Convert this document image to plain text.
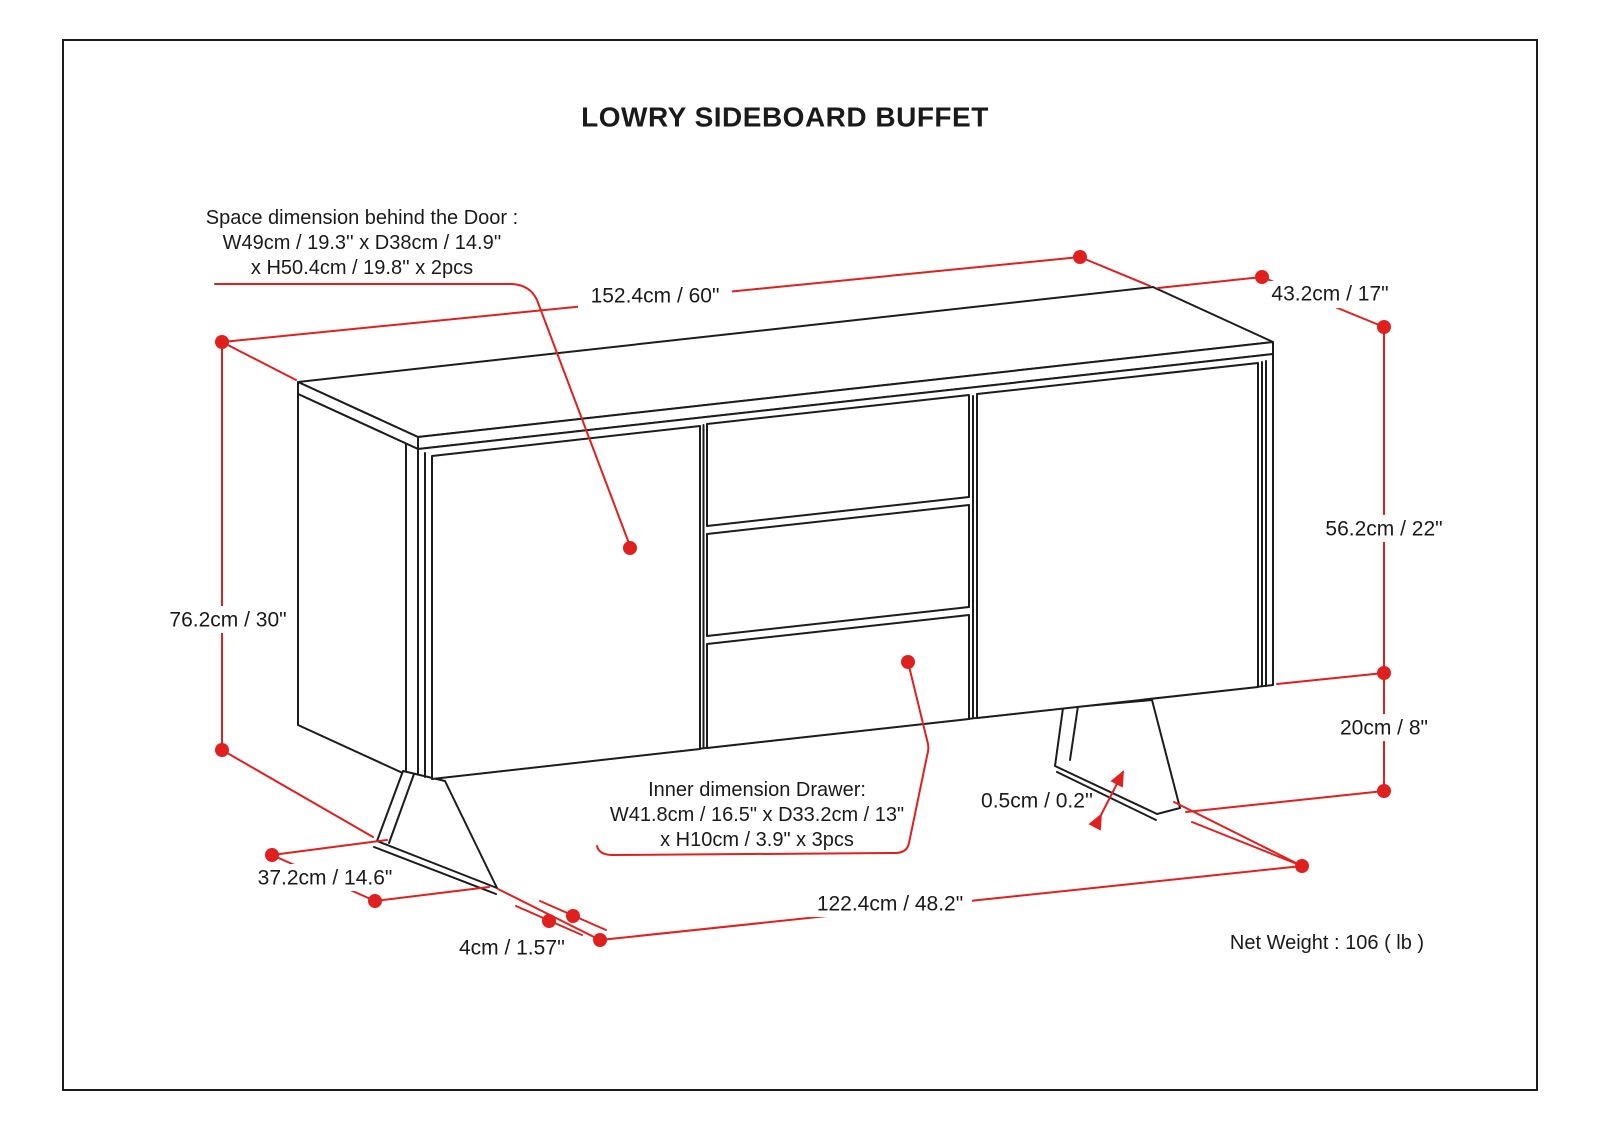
LOWRY SIDEBOARD BUFFET
152.4cm / 60"	43.2cm / 17"
76.2cm / 30"
56.2cm / 22"
20cm / 8"
37.2cm / 14.6"
4cm / 1.57''
0.5cm / 0.2''
122.4cm / 48.2"
Net Weight : 106 ( lb )
Space dimension behind the Door :
W49cm / 19.3'' x D38cm / 14.9''
x H50.4cm / 19.8'' x 2pcs
Inner dimension Drawer:
W41.8cm / 16.5" x D33.2cm / 13"
x H10cm / 3.9" x 3pcs
